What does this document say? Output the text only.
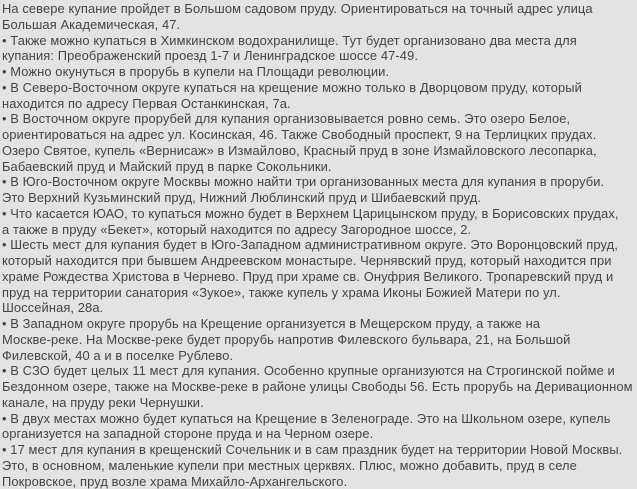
На севере купание пройдет в Большом садовом пруду. Ориентироваться на точный адрес улица
Большая Академическая, 47.
• Также можно купаться в Химкинском водохранилище. Тут будет организовано два места для
купания: Преображенский проезд 1-7 и Ленинградское шоссе 47-49.
• Можно окунуться в прорубь в купели на Площади революции.
• В Северо-Восточном округе купаться на крещение можно только в Дворцовом пруду, который
находится по адресу Первая Останкинская, 7а.
• В Восточном округе прорубей для купания организовывается ровно семь. Это озеро Белое,
ориентироваться на адрес ул. Косинская, 46. Также Свободный проспект, 9 на Терлицких прудах.
Озеро Святое, купель «Вернисаж» в Измайлово, Красный пруд в зоне Измайловского лесопарка,
Бабаевский пруд и Майский пруд в парке Сокольники.
• В Юго-Восточном округе Москвы можно найти три организованных места для купания в проруби.
Это Верхний Кузьминский пруд, Нижний Люблинский пруд и Шибаевский пруд.
• Что касается ЮАО, то купаться можно будет в Верхнем Царицынском пруду, в Борисовских прудах,
а также в пруду «Бекет», который находится по адресу Загородное шоссе, 2.
• Шесть мест для купания будет в Юго-Западном административном округе. Это Воронцовский пруд,
который находится при бывшем Андреевском монастыре. Чернявский пруд, который находится при
храме Рождества Христова в Чернево. Пруд при храме св. Онуфрия Великого. Тропаревский пруд и
пруд на территории санатория «Зукое», также купель у храма Иконы Божией Матери по ул.
Шоссейная, 28а.
• В Западном округе прорубь на Крещение организуется в Мещерском пруду, а также на
Москве-реке. На Москве-реке будет прорубь напротив Филевского бульвара, 21, на Большой
Филевской, 40 а и в поселке Рублево.
• В СЗО будет целых 11 мест для купания. Особенно крупные организуются на Строгинской пойме и
Бездонном озере, также на Москве-реке в районе улицы Свободы 56. Есть прорубь на Деривационном
канале, на пруду реки Чернушки.
• В двух местах можно будет купаться на Крещение в Зеленограде. Это на Школьном озере, купель
организуется на западной стороне пруда и на Черном озере.
• 17 мест для купания в крещенский Сочельник и в сам праздник будет на территории Новой Москвы.
Это, в основном, маленькие купели при местных церквях. Плюс, можно добавить, пруд в селе
Покровское, пруд возле храма Михайло-Архангельского.
